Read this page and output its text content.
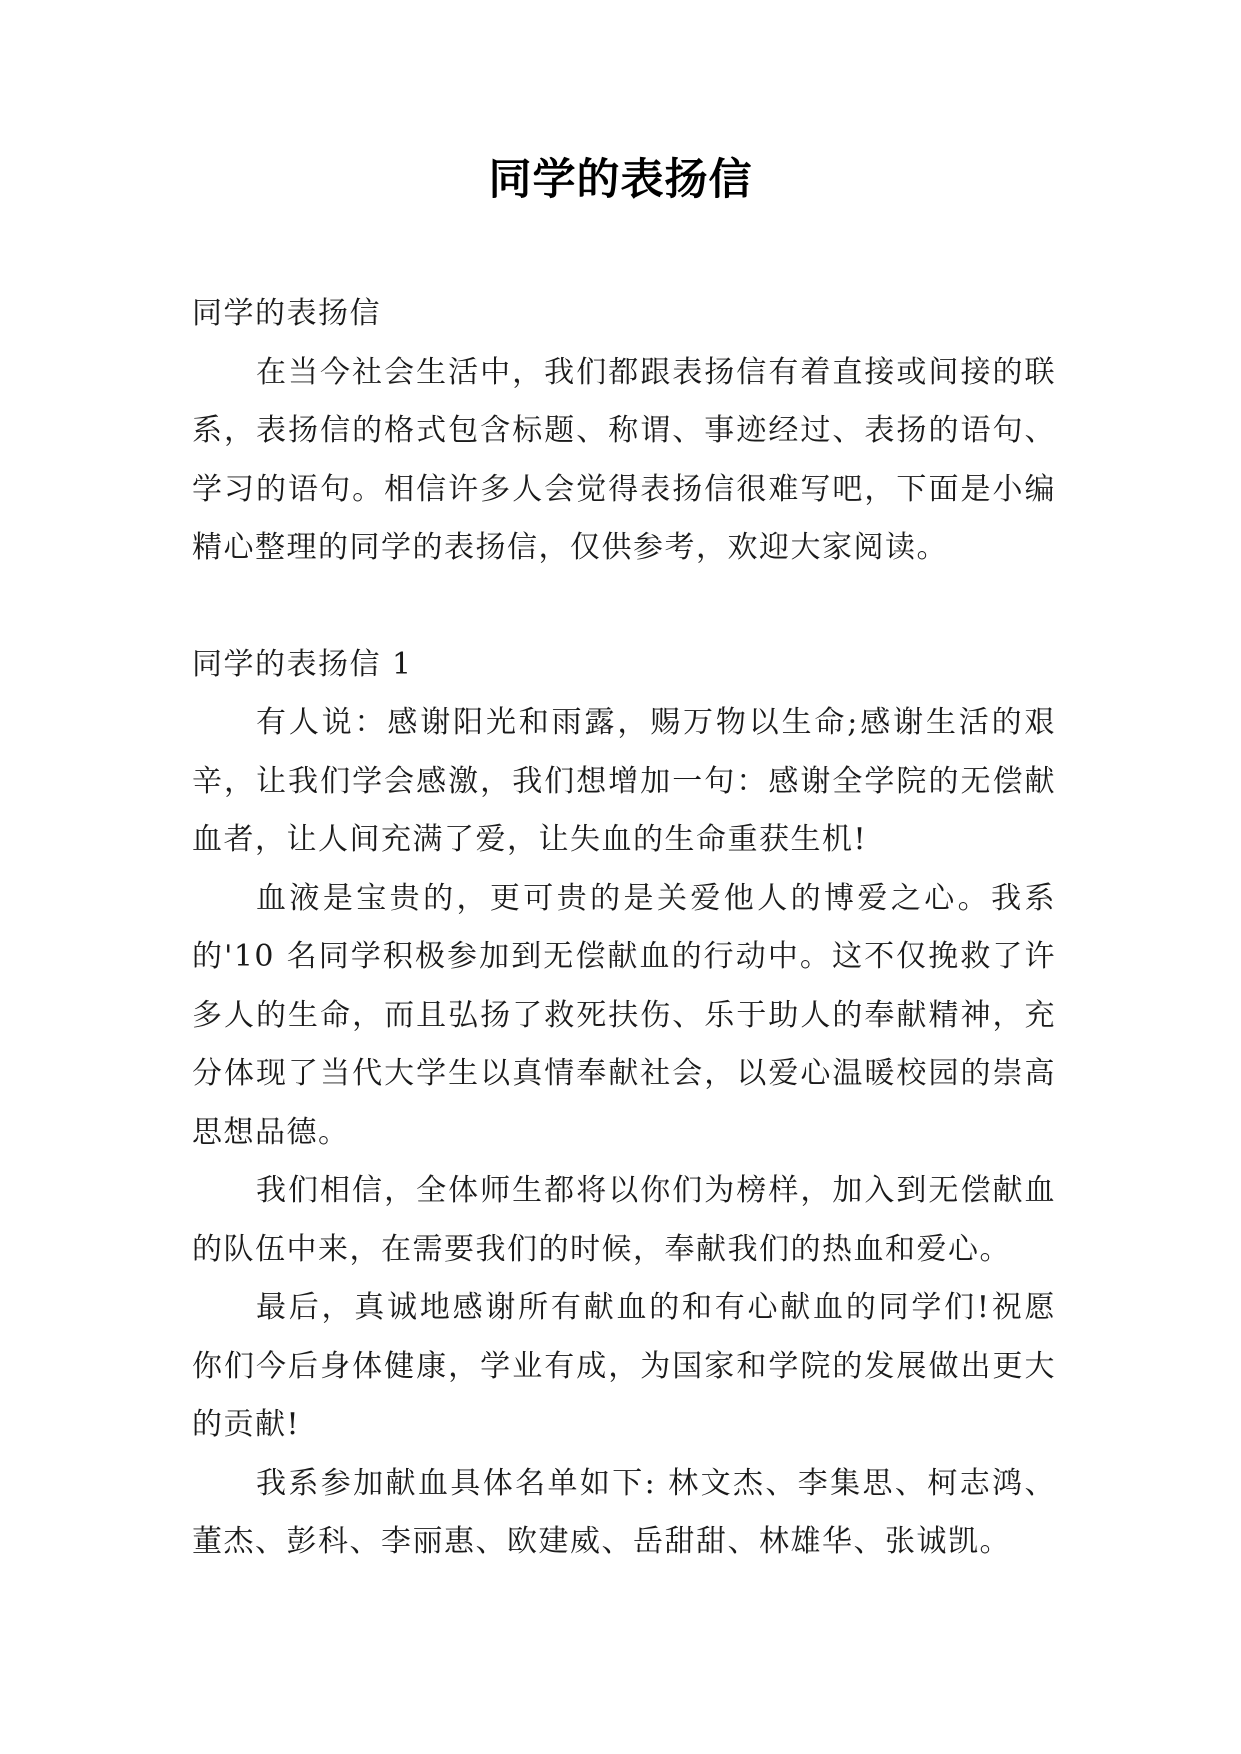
同学的表扬信

同学的表扬信

在当今社会生活中，我们都跟表扬信有着直接或间接的联系，表扬信的格式包含标题、称谓、事迹经过、表扬的语句、学习的语句。相信许多人会觉得表扬信很难写吧，下面是小编精心整理的同学的表扬信，仅供参考，欢迎大家阅读。

同学的表扬信 1

有人说：感谢阳光和雨露，赐万物以生命;感谢生活的艰辛，让我们学会感激，我们想增加一句：感谢全学院的无偿献血者，让人间充满了爱，让失血的生命重获生机!

血液是宝贵的，更可贵的是关爱他人的博爱之心。我系的'10 名同学积极参加到无偿献血的行动中。这不仅挽救了许多人的生命，而且弘扬了救死扶伤、乐于助人的奉献精神，充分体现了当代大学生以真情奉献社会，以爱心温暖校园的崇高思想品德。

我们相信，全体师生都将以你们为榜样，加入到无偿献血的队伍中来，在需要我们的时候，奉献我们的热血和爱心。

最后，真诚地感谢所有献血的和有心献血的同学们!祝愿你们今后身体健康，学业有成，为国家和学院的发展做出更大的贡献!

我系参加献血具体名单如下: 林文杰、李集思、柯志鸿、董杰、彭科、李丽惠、欧建威、岳甜甜、林雄华、张诚凯。
